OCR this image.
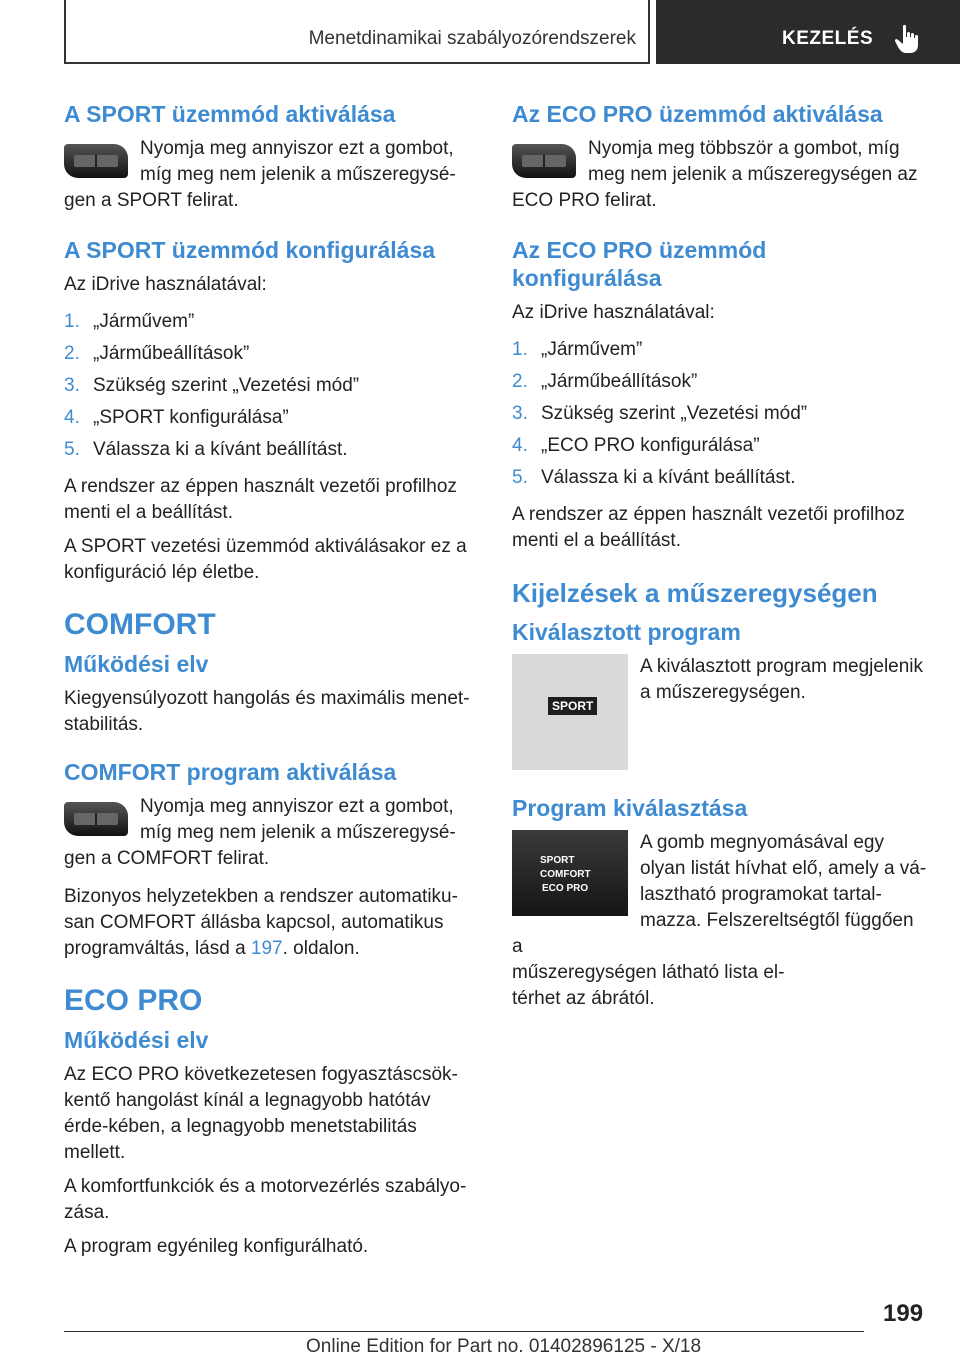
Menetdinamikai szabályozórendszerek	KEZELÉS
A SPORT üzemmód aktiválása

Nyomja meg annyiszor ezt a gombot,
míg meg nem jelenik a műszeregysé‐
gen a SPORT felirat.

A SPORT üzemmód konfigurálása

Az iDrive használatával:

1. „Járművem”
2. „Járműbeállítások”
3. Szükség szerint „Vezetési mód”
4. „SPORT konfigurálása”
5. Válassza ki a kívánt beállítást.

A rendszer az éppen használt vezetői profilhoz menti el a beállítást.

A SPORT vezetési üzemmód aktiválásakor ez a konfiguráció lép életbe.

COMFORT
Működési elv

Kiegyensúlyozott hangolás és maximális menet‐stabilitás.

COMFORT program aktiválása

Nyomja meg annyiszor ezt a gombot,
míg meg nem jelenik a műszeregysé‐
gen a COMFORT felirat.

Bizonyos helyzetekben a rendszer automatiku‐san COMFORT állásba kapcsol, automatikus programváltás, lásd a 197. oldalon.

ECO PRO
Működési elv

Az ECO PRO következetesen fogyasztáscsök‐kentő hangolást kínál a legnagyobb hatótáv érde‐kében, a legnagyobb menetstabilitás mellett.

A komfortfunkciók és a motorvezérlés szabályo‐zása.

A program egyénileg konfigurálható.

Az ECO PRO üzemmód aktiválása

Nyomja meg többször a gombot, míg
meg nem jelenik a műszeregységen az
ECO PRO felirat.

Az ECO PRO üzemmód konfigurálása

Az iDrive használatával:

1. „Járművem”
2. „Járműbeállítások”
3. Szükség szerint „Vezetési mód”
4. „ECO PRO konfigurálása”
5. Válassza ki a kívánt beállítást.

A rendszer az éppen használt vezetői profilhoz menti el a beállítást.

Kijelzések a műszeregységen
Kiválasztott program
SPORT

A kiválasztott program megjelenik a műszeregységen.

Program kiválasztása
SPORT
COMFORT
ECO PRO

A gomb megnyomásával egy
olyan listát hívhat elő, amely a vá‐
lasztható programokat tartal‐
mazza. Felszereltségtől függően a
műszeregységen látható lista el‐
térhet az ábrától.

199
Online Edition for Part no. 01402896125 - X/18
